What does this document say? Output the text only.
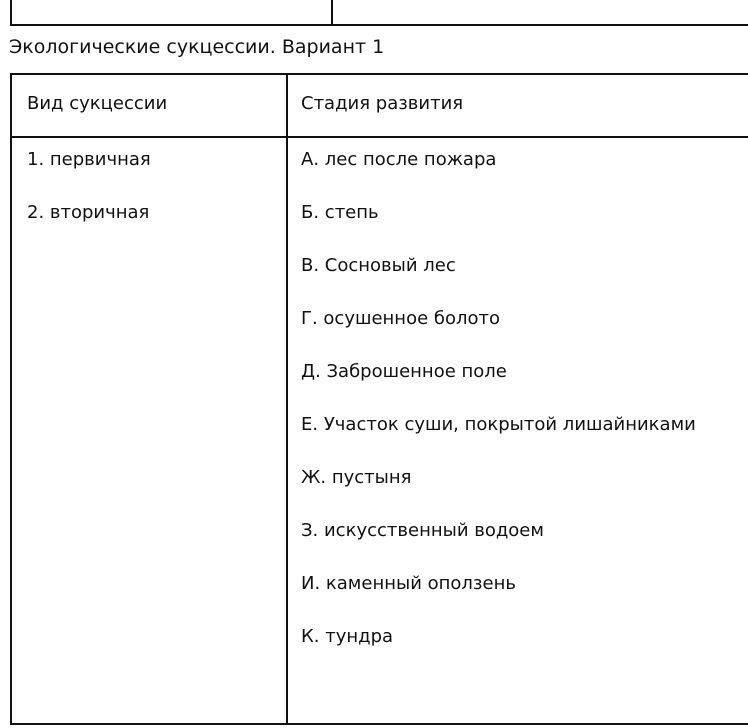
Экологические сукцессии. Вариант 1
Вид сукцессии	Стадия развития
1. первичная
2. вторичная
А. лес после пожара
Б. степь
В. Сосновый лес
Г. осушенное болото
Д. Заброшенное поле
Е. Участок суши, покрытой лишайниками
Ж. пустыня
З. искусственный водоем
И. каменный оползень
К. тундра
